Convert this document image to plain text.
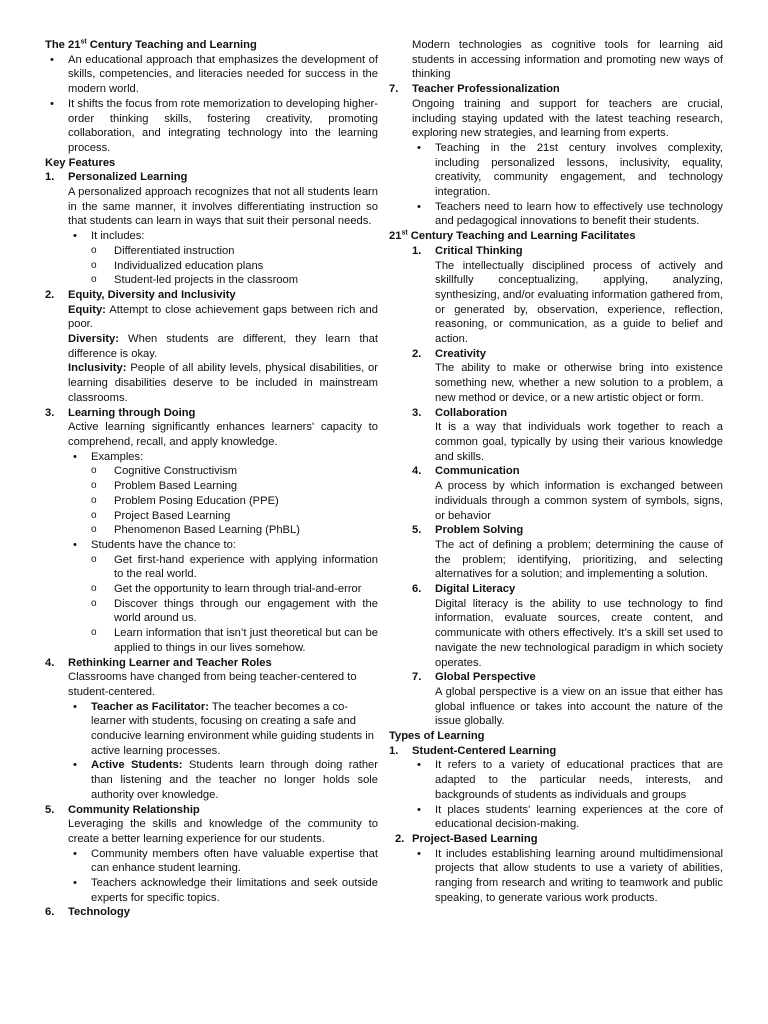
The 21st Century Teaching and Learning

• An educational approach that emphasizes the development of skills, competencies, and literacies needed for success in the modern world.
• It shifts the focus from rote memorization to developing higher-order thinking skills, fostering creativity, promoting collaboration, and integrating technology into the learning process.

Key Features

1.	Personalized Learning

A personalized approach recognizes that not all students learn in the same manner, it involves differentiating instruction so that students can learn in ways that suit their personal needs.

• It includes:
o Differentiated instruction
o Individualized education plans
o Student-led projects in the classroom
2.	Equity, Diversity and Inclusivity

Equity: Attempt to close achievement gaps between rich and poor.

Diversity: When students are different, they learn that difference is okay.

Inclusivity: People of all ability levels, physical disabilities, or learning disabilities deserve to be included in mainstream classrooms.

3.	Learning through Doing

Active learning significantly enhances learners' capacity to comprehend, recall, and apply knowledge.

• Examples:
o Cognitive Constructivism
o Problem Based Learning
o Problem Posing Education (PPE)
o Project Based Learning
o Phenomenon Based Learning (PhBL)
• Students have the chance to:
o Get first-hand experience with applying information to the real world.
o Get the opportunity to learn through trial-and-error
o Discover things through our engagement with the world around us.
o Learn information that isn’t just theoretical but can be applied to things in our lives somehow.
4.	Rethinking Learner and Teacher Roles

Classrooms have changed from being teacher-centered to student-centered.

• Teacher as Facilitator: The teacher becomes a co-learner with students, focusing on creating a safe and conducive learning environment while guiding students in active learning processes.
• Active Students: Students learn through doing rather than listening and the teacher no longer holds sole authority over knowledge.
5.	Community Relationship

Leveraging the skills and knowledge of the community to create a better learning experience for our students.

• Community members often have valuable expertise that can enhance student learning.
• Teachers acknowledge their limitations and seek outside experts for specific topics.
6.	Technology

Modern technologies as cognitive tools for learning aid students in accessing information and promoting new ways of thinking

7.	Teacher Professionalization

Ongoing training and support for teachers are crucial, including staying updated with the latest teaching research, exploring new strategies, and learning from experts.

• Teaching in the 21st century involves complexity, including personalized lessons, inclusivity, equality, creativity, community engagement, and technology integration.
• Teachers need to learn how to effectively use technology and pedagogical innovations to benefit their students.

21st Century Teaching and Learning Facilitates

1.	Critical Thinking

The intellectually disciplined process of actively and skillfully conceptualizing, applying, analyzing, synthesizing, and/or evaluating information gathered from, or generated by, observation, experience, reflection, reasoning, or communication, as a guide to belief and action.

2.	Creativity

The ability to make or otherwise bring into existence something new, whether a new solution to a problem, a new method or device, or a new artistic object or form.

3.	Collaboration

It is a way that individuals work together to reach a common goal, typically by using their various knowledge and skills.

4.	Communication

A process by which information is exchanged between individuals through a common system of symbols, signs, or behavior

5.	Problem Solving

The act of defining a problem; determining the cause of the problem; identifying, prioritizing, and selecting alternatives for a solution; and implementing a solution.

6.	Digital Literacy

Digital literacy is the ability to use technology to find information, evaluate sources, create content, and communicate with others effectively. It’s a skill set used to navigate the new technological paradigm in which society operates.

7.	Global Perspective

A global perspective is a view on an issue that either has global influence or takes into account the nature of the issue globally.

Types of Learning

1.	Student-Centered Learning
• It refers to a variety of educational practices that are adapted to the particular needs, interests, and backgrounds of students as individuals and groups
• It places students' learning experiences at the core of educational decision-making.
2. Project-Based Learning
• It includes establishing learning around multidimensional projects that allow students to use a variety of abilities, ranging from research and writing to teamwork and public speaking, to generate various work products.
